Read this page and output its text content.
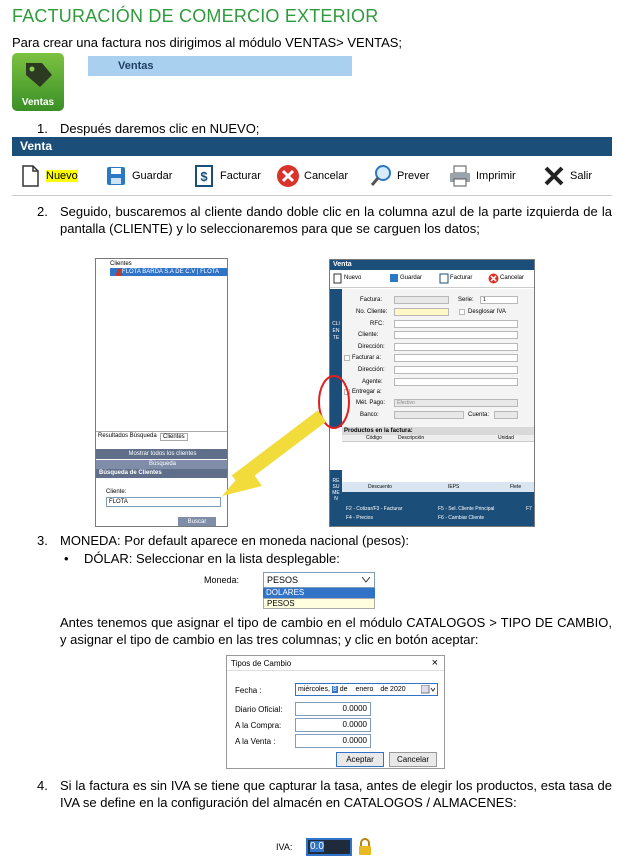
FACTURACIÓN DE COMERCIO EXTERIOR
Para crear una factura nos dirigimos al módulo VENTAS> VENTAS;
Ventas
Ventas
1. Después daremos clic en NUEVO;
Venta
Nuevo	Guardar $ Facturar	Cancelar	Prever	Imprimir	Salir
2. Seguido, buscaremos al cliente dando doble clic en la columna azul de la parte izquierda de la pantalla (CLIENTE) y lo seleccionaremos para que se carguen los datos;
Clientes
FLOTA BARDA S.A DE C.V | FLOTA
Resultados Búsqueda	Clientes
Mostrar todos los clientes
Búsqueda
Búsqueda de Clientes
Cliente:
FLOTA
Buscar
Venta
Nuevo	Guardar	Facturar	Cancelar
CLIENTE
Factura:	Serie:	1
No. Cliente:	Desglosar IVA
RFC:
Cliente:
Dirección:
Facturar a:
Dirección:
Agente:
Entregar a:
Mét. Pago:	Efectivo
Banco:	Cuenta:
Productos en la factura:
Código	Descripción	Unidad
RESUMEN
Descuento	IEPS	Flete
F2 - Cotizar/F3 - Facturar	F5 - Sel. Cliente Principal	F7
F4 - Precios	F6 - Cambiar Cliente
3. MONEDA: Por default aparece en moneda nacional (pesos):
• DÓLAR: Seleccionar en la lista desplegable:
Moneda:	PESOS
DOLARES
PESOS
Antes tenemos que asignar el tipo de cambio en el módulo CATALOGOS > TIPO DE CAMBIO, y asignar el tipo de cambio en las tres columnas; y clic en botón aceptar:
Tipos de Cambio	×
Fecha :	miércoles, 8 de enero de 2020
Diario Oficial:	0.0000
A la Compra:	0.0000
A la Venta :	0.0000
Aceptar	Cancelar
4. Si la factura es sin IVA se tiene que capturar la tasa, antes de elegir los productos, esta tasa de IVA se define en la configuración del almacén en CATALOGOS / ALMACENES:
IVA:	0.0
